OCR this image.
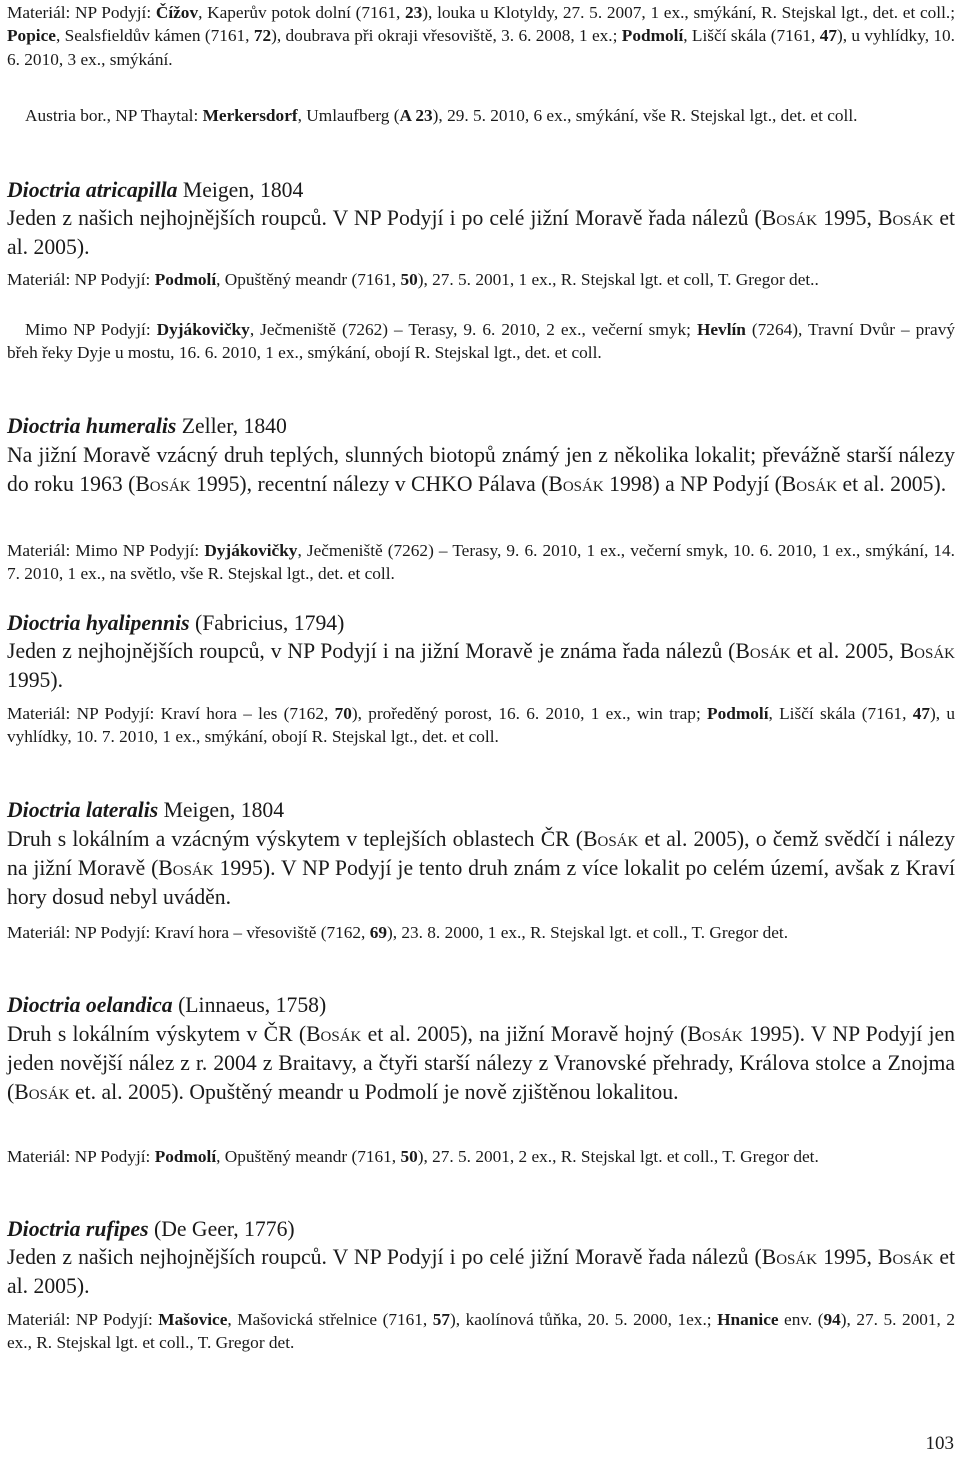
Materiál: NP Podyjí: Čížov, Kaperův potok dolní (7161, 23), louka u Klotyldy, 27. 5. 2007, 1 ex., smýkání, R. Stejskal lgt., det. et coll.; Popice, Sealsfieldův kámen (7161, 72), doubrava při okraji vřesoviště, 3. 6. 2008, 1 ex.; Podmolí, Liščí skála (7161, 47), u vyhlídky, 10. 6. 2010, 3 ex., smýkání.

Austria bor., NP Thaytal: Merkersdorf, Umlaufberg (A 23), 29. 5. 2010, 6 ex., smýkání, vše R. Stejskal lgt., det. et coll.

Dioctria atricapilla Meigen, 1804

Jeden z našich nejhojnějších roupců. V NP Podyjí i po celé jižní Moravě řada nálezů (Bosák 1995, Bosák et al. 2005).

Materiál: NP Podyjí: Podmolí, Opuštěný meandr (7161, 50), 27. 5. 2001, 1 ex., R. Stejskal lgt. et coll, T. Gregor det..

Mimo NP Podyjí: Dyjákovičky, Ječmeniště (7262) – Terasy, 9. 6. 2010, 2 ex., večerní smyk; Hevlín (7264), Travní Dvůr – pravý břeh řeky Dyje u mostu, 16. 6. 2010, 1 ex., smýkání, obojí R. Stejskal lgt., det. et coll.

Dioctria humeralis Zeller, 1840

Na jižní Moravě vzácný druh teplých, slunných biotopů známý jen z několika lokalit; převážně starší nálezy do roku 1963 (Bosák 1995), recentní nálezy v CHKO Pálava (Bosák 1998) a NP Podyjí (Bosák et al. 2005).

Materiál: Mimo NP Podyjí: Dyjákovičky, Ječmeniště (7262) – Terasy, 9. 6. 2010, 1 ex., večerní smyk, 10. 6. 2010, 1 ex., smýkání, 14. 7. 2010, 1 ex., na světlo, vše R. Stejskal lgt., det. et coll.

Dioctria hyalipennis (Fabricius, 1794)

Jeden z nejhojnějších roupců, v NP Podyjí i na jižní Moravě je známa řada nálezů (Bosák et al. 2005, Bosák 1995).

Materiál: NP Podyjí: Kraví hora – les (7162, 70), proředěný porost, 16. 6. 2010, 1 ex., win trap; Podmolí, Liščí skála (7161, 47), u vyhlídky, 10. 7. 2010, 1 ex., smýkání, obojí R. Stejskal lgt., det. et coll.

Dioctria lateralis Meigen, 1804

Druh s lokálním a vzácným výskytem v teplejších oblastech ČR (Bosák et al. 2005), o čemž svědčí i nálezy na jižní Moravě (Bosák 1995). V NP Podyjí je tento druh znám z více lokalit po celém území, avšak z Kraví hory dosud nebyl uváděn.

Materiál: NP Podyjí: Kraví hora – vřesoviště (7162, 69), 23. 8. 2000, 1 ex., R. Stejskal lgt. et coll., T. Gregor det.

Dioctria oelandica (Linnaeus, 1758)

Druh s lokálním výskytem v ČR (Bosák et al. 2005), na jižní Moravě hojný (Bosák 1995). V NP Podyjí jen jeden novější nález z r. 2004 z Braitavy, a čtyři starší nálezy z Vranovské přehrady, Králova stolce a Znojma (Bosák et. al. 2005). Opuštěný meandr u Podmolí je nově zjištěnou lokalitou.

Materiál: NP Podyjí: Podmolí, Opuštěný meandr (7161, 50), 27. 5. 2001, 2 ex., R. Stejskal lgt. et coll., T. Gregor det.

Dioctria rufipes (De Geer, 1776)

Jeden z našich nejhojnějších roupců. V NP Podyjí i po celé jižní Moravě řada nálezů (Bosák 1995, Bosák et al. 2005).

Materiál: NP Podyjí: Mašovice, Mašovická střelnice (7161, 57), kaolínová tůňka, 20. 5. 2000, 1ex.; Hnanice env. (94), 27. 5. 2001, 2 ex., R. Stejskal lgt. et coll., T. Gregor det.

103
